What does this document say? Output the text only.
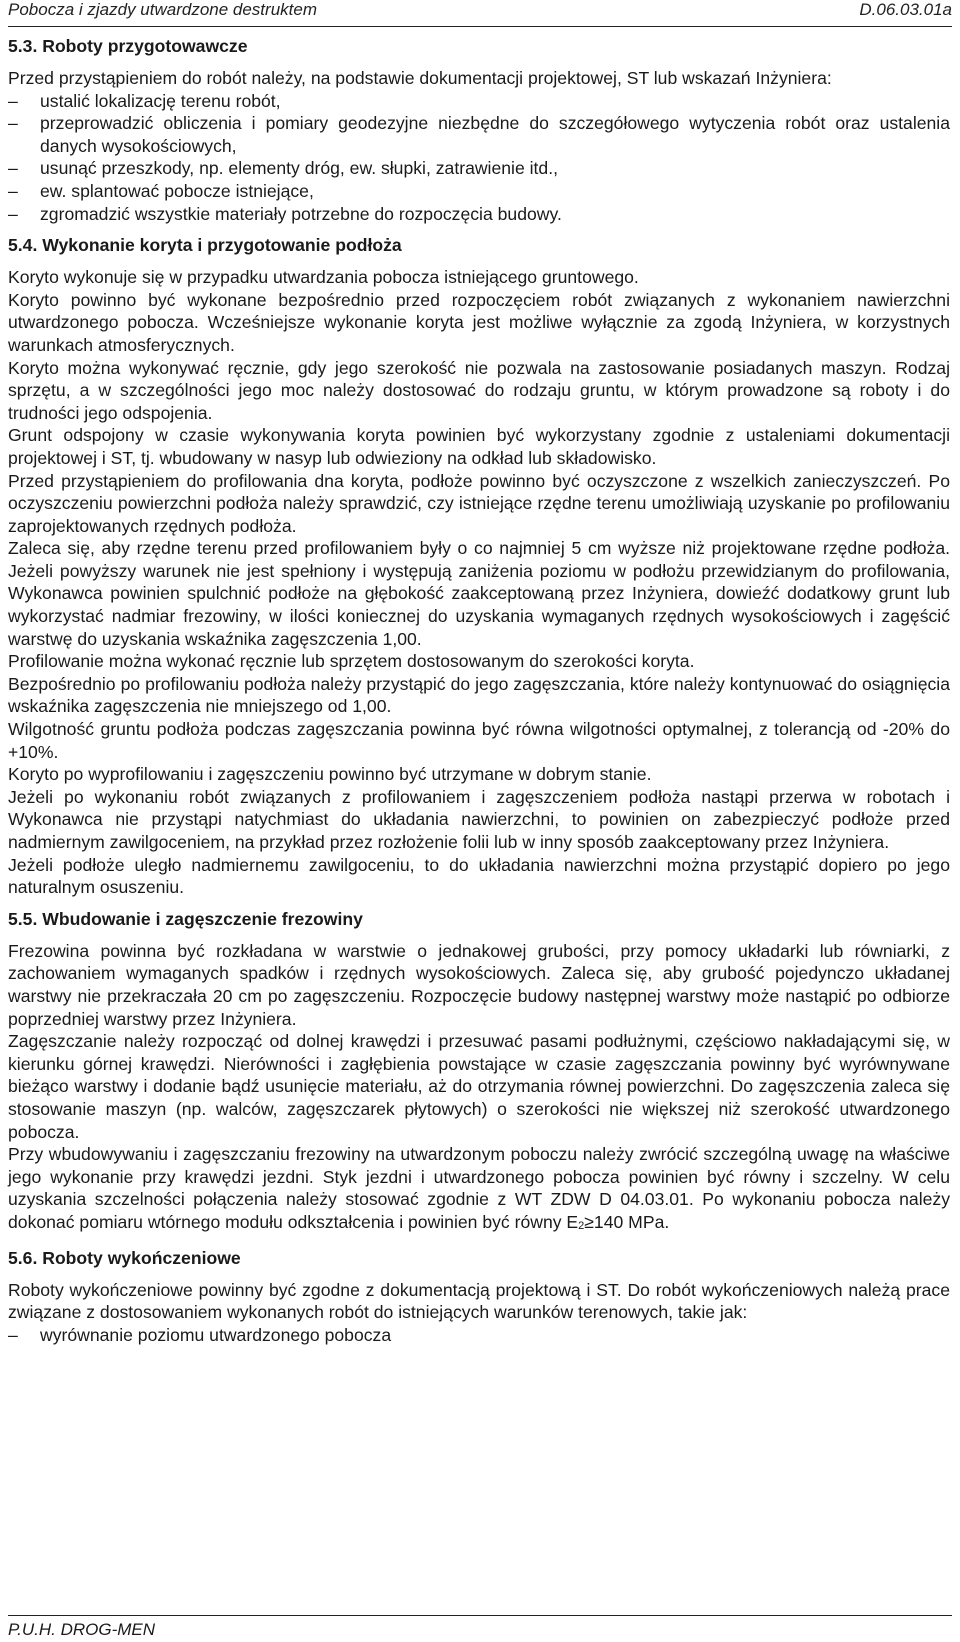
Pobocza i zjazdy utwardzone destruktem	D.06.03.01a
5.3. Roboty przygotowawcze

Przed przystąpieniem do robót należy, na podstawie dokumentacji projektowej, ST lub wskazań Inżyniera:

– ustalić lokalizację terenu robót,
– przeprowadzić obliczenia i pomiary geodezyjne niezbędne do szczegółowego wytyczenia robót oraz ustalenia danych wysokościowych,
– usunąć przeszkody, np. elementy dróg, ew. słupki, zatrawienie itd.,
– ew. splantować pobocze istniejące,
– zgromadzić wszystkie materiały potrzebne do rozpoczęcia budowy.
5.4. Wykonanie koryta i przygotowanie podłoża

Koryto wykonuje się w przypadku utwardzania pobocza istniejącego gruntowego.

Koryto powinno być wykonane bezpośrednio przed rozpoczęciem robót związanych z wykonaniem nawierzchni utwardzonego pobocza. Wcześniejsze wykonanie koryta jest możliwe wyłącznie za zgodą Inżyniera, w korzystnych warunkach atmosferycznych.

Koryto można wykonywać ręcznie, gdy jego szerokość nie pozwala na zastosowanie posiadanych maszyn. Rodzaj sprzętu, a w szczególności jego moc należy dostosować do rodzaju gruntu, w którym prowadzone są roboty i do trudności jego odspojenia.

Grunt odspojony w czasie wykonywania koryta powinien być wykorzystany zgodnie z ustaleniami dokumentacji projektowej i ST, tj. wbudowany w nasyp lub odwieziony na odkład lub składowisko.

Przed przystąpieniem do profilowania dna koryta, podłoże powinno być oczyszczone z wszelkich zanieczyszczeń. Po oczyszczeniu powierzchni podłoża należy sprawdzić, czy istniejące rzędne terenu umożliwiają uzyskanie po profilowaniu zaprojektowanych rzędnych podłoża.

Zaleca się, aby rzędne terenu przed profilowaniem były o co najmniej 5 cm wyższe niż projektowane rzędne podłoża. Jeżeli powyższy warunek nie jest spełniony i występują zaniżenia poziomu w podłożu przewidzianym do profilowania, Wykonawca powinien spulchnić podłoże na głębokość zaakceptowaną przez Inżyniera, dowieźć dodatkowy grunt lub wykorzystać nadmiar frezowiny, w ilości koniecznej do uzyskania wymaganych rzędnych wysokościowych i zagęścić warstwę do uzyskania wskaźnika zagęszczenia 1,00.

Profilowanie można wykonać ręcznie lub sprzętem dostosowanym do szerokości koryta.

Bezpośrednio po profilowaniu podłoża należy przystąpić do jego zagęszczania, które należy kontynuować do osiągnięcia wskaźnika zagęszczenia nie mniejszego od 1,00.

Wilgotność gruntu podłoża podczas zagęszczania powinna być równa wilgotności optymalnej, z tolerancją od -20% do +10%.

Koryto po wyprofilowaniu i zagęszczeniu powinno być utrzymane w dobrym stanie.

Jeżeli po wykonaniu robót związanych z profilowaniem i zagęszczeniem podłoża nastąpi przerwa w robotach i Wykonawca nie przystąpi natychmiast do układania nawierzchni, to powinien on zabezpieczyć podłoże przed nadmiernym zawilgoceniem, na przykład przez rozłożenie folii lub w inny sposób zaakceptowany przez Inżyniera.

Jeżeli podłoże uległo nadmiernemu zawilgoceniu, to do układania nawierzchni można przystąpić dopiero po jego naturalnym osuszeniu.

5.5. Wbudowanie i zagęszczenie frezowiny

Frezowina powinna być rozkładana w warstwie o jednakowej grubości, przy pomocy układarki lub równiarki, z zachowaniem wymaganych spadków i rzędnych wysokościowych. Zaleca się, aby grubość pojedynczo układanej warstwy nie przekraczała 20 cm po zagęszczeniu. Rozpoczęcie budowy następnej warstwy może nastąpić po odbiorze poprzedniej warstwy przez Inżyniera.

Zagęszczanie należy rozpocząć od dolnej krawędzi i przesuwać pasami podłużnymi, częściowo nakładającymi się, w kierunku górnej krawędzi. Nierówności i zagłębienia powstające w czasie zagęszczania powinny być wyrównywane bieżąco warstwy i dodanie bądź usunięcie materiału, aż do otrzymania równej powierzchni. Do zagęszczenia zaleca się stosowanie maszyn (np. walców, zagęszczarek płytowych) o szerokości nie większej niż szerokość utwardzonego pobocza.

Przy wbudowywaniu i zagęszczaniu frezowiny na utwardzonym poboczu należy zwrócić szczególną uwagę na właściwe jego wykonanie przy krawędzi jezdni. Styk jezdni i utwardzonego pobocza powinien być równy i szczelny. W celu uzyskania szczelności połączenia należy stosować zgodnie z WT ZDW D 04.03.01. Po wykonaniu pobocza należy dokonać pomiaru wtórnego modułu odkształcenia i powinien być równy $E_2\ge 140$ MPa.

5.6. Roboty wykończeniowe

Roboty wykończeniowe powinny być zgodne z dokumentacją projektową i ST. Do robót wykończeniowych należą prace związane z dostosowaniem wykonanych robót do istniejących warunków terenowych, takie jak:

– wyrównanie poziomu utwardzonego pobocza
P.U.H. DROG-MEN
